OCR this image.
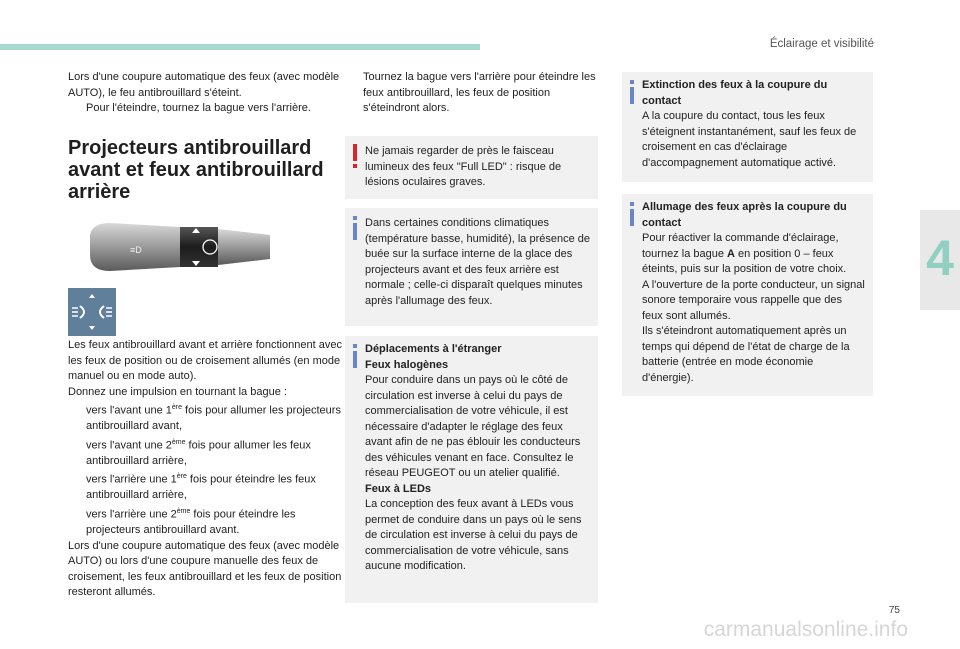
Éclairage et visibilité
4

Lors d'une coupure automatique des feux (avec modèle AUTO), le feu antibrouillard s'éteint.

Pour l'éteindre, tournez la bague vers l'arrière.

Projecteurs antibrouillard avant et feux antibrouillard arrière
≡D

Les feux antibrouillard avant et arrière fonctionnent avec les feux de position ou de croisement allumés (en mode manuel ou en mode auto).

Donnez une impulsion en tournant la bague :

vers l'avant une 1ère fois pour allumer les projecteurs antibrouillard avant,

vers l'avant une 2ème fois pour allumer les feux antibrouillard arrière,

vers l'arrière une 1ère fois pour éteindre les feux antibrouillard arrière,

vers l'arrière une 2ème fois pour éteindre les projecteurs antibrouillard avant.

Lors d'une coupure automatique des feux (avec modèle AUTO) ou lors d'une coupure manuelle des feux de croisement, les feux antibrouillard et les feux de position resteront allumés.

Tournez la bague vers l'arrière pour éteindre les feux antibrouillard, les feux de position s'éteindront alors.

Ne jamais regarder de près le faisceau lumineux des feux "Full LED" : risque de lésions oculaires graves.
Dans certaines conditions climatiques (température basse, humidité), la présence de buée sur la surface interne de la glace des projecteurs avant et des feux arrière est normale ; celle-ci disparaît quelques minutes après l'allumage des feux.
Déplacements à l'étranger
Feux halogènes
Pour conduire dans un pays où le côté de circulation est inverse à celui du pays de commercialisation de votre véhicule, il est nécessaire d'adapter le réglage des feux avant afin de ne pas éblouir les conducteurs des véhicules venant en face. Consultez le réseau PEUGEOT ou un atelier qualifié.
Feux à LEDs
La conception des feux avant à LEDs vous permet de conduire dans un pays où le sens de circulation est inverse à celui du pays de commercialisation de votre véhicule, sans aucune modification.
Extinction des feux à la coupure du contact
A la coupure du contact, tous les feux s'éteignent instantanément, sauf les feux de croisement en cas d'éclairage d'accompagnement automatique activé.
Allumage des feux après la coupure du contact
Pour réactiver la commande d'éclairage, tournez la bague A en position 0 – feux éteints, puis sur la position de votre choix.
A l'ouverture de la porte conducteur, un signal sonore temporaire vous rappelle que des feux sont allumés.
Ils s'éteindront automatiquement après un temps qui dépend de l'état de charge de la batterie (entrée en mode économie d'énergie).
75
carmanualsonline.info
